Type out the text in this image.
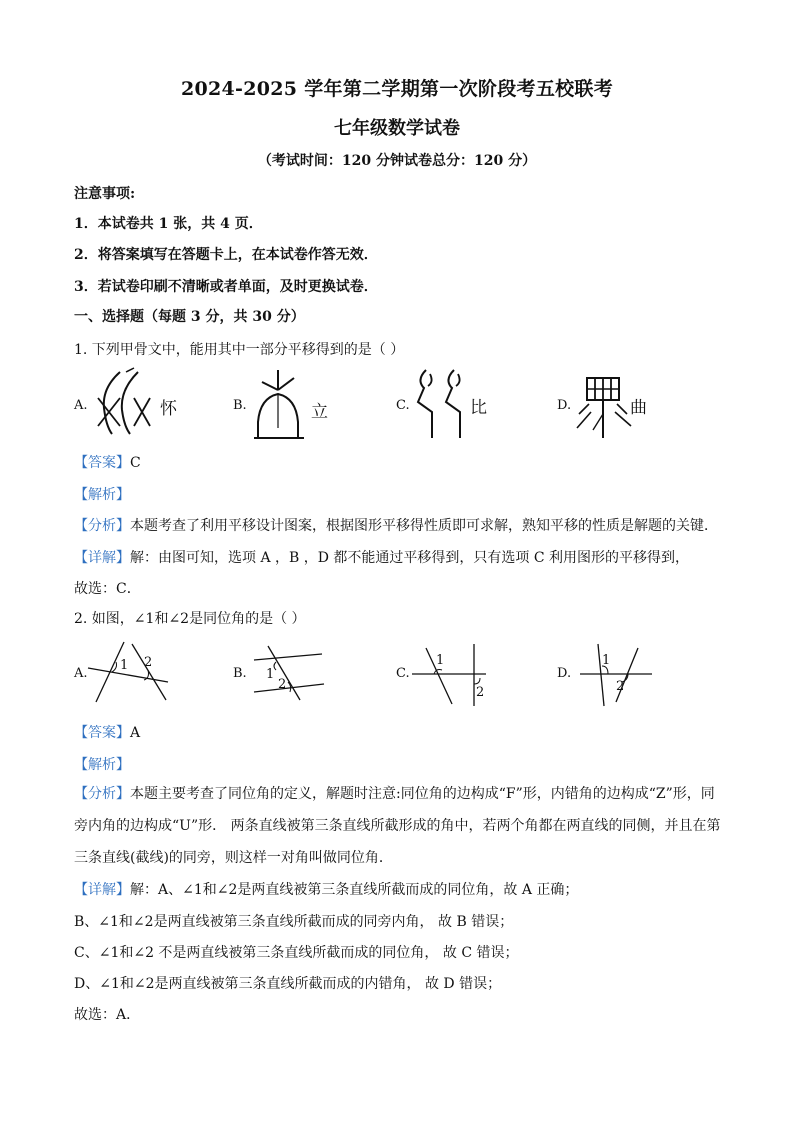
2024-2025 学年第二学期第一次阶段考五校联考
七年级数学试卷
（考试时间：120 分钟试卷总分：120 分）
注意事项:
1．本试卷共 1 张，共 4 页．
2．将答案填写在答题卡上，在本试卷作答无效．
3．若试卷印刷不清晰或者单面，及时更换试卷．
一、选择题（每题 3 分，共 30 分）
1. 下列甲骨文中，能用其中一部分平移得到的是（ ）
A.	怀	B.	立	C.	比	D.	曲
【答案】C
【解析】
【分析】本题考查了利用平移设计图案，根据图形平移得性质即可求解，熟知平移的性质是解题的关键．
【详解】解：由图可知，选项 A ，B ，D 都不能通过平移得到，只有选项 C 利用图形的平移得到，
故选：C．
2. 如图，∠1和∠2是同位角的是（ ）
A.
1 2
B. 1
2
C.
1
2
D.
1
2
【答案】A
【解析】
【分析】本题主要考查了同位角的定义，解题时注意:同位角的边构成“F”形，内错角的边构成“Z”形，同旁内角的边构成“U”形． 两条直线被第三条直线所截形成的角中，若两个角都在两直线的同侧，并且在第三条直线(截线)的同旁，则这样一对角叫做同位角．
【详解】解：A、∠1和∠2是两直线被第三条直线所截而成的同位角，故 A 正确；
B、∠1和∠2是两直线被第三条直线所截而成的同旁内角， 故 B 错误；
C、∠1和∠2 不是两直线被第三条直线所截而成的同位角， 故 C 错误；
D、∠1和∠2是两直线被第三条直线所截而成的内错角， 故 D 错误；
故选：A．
